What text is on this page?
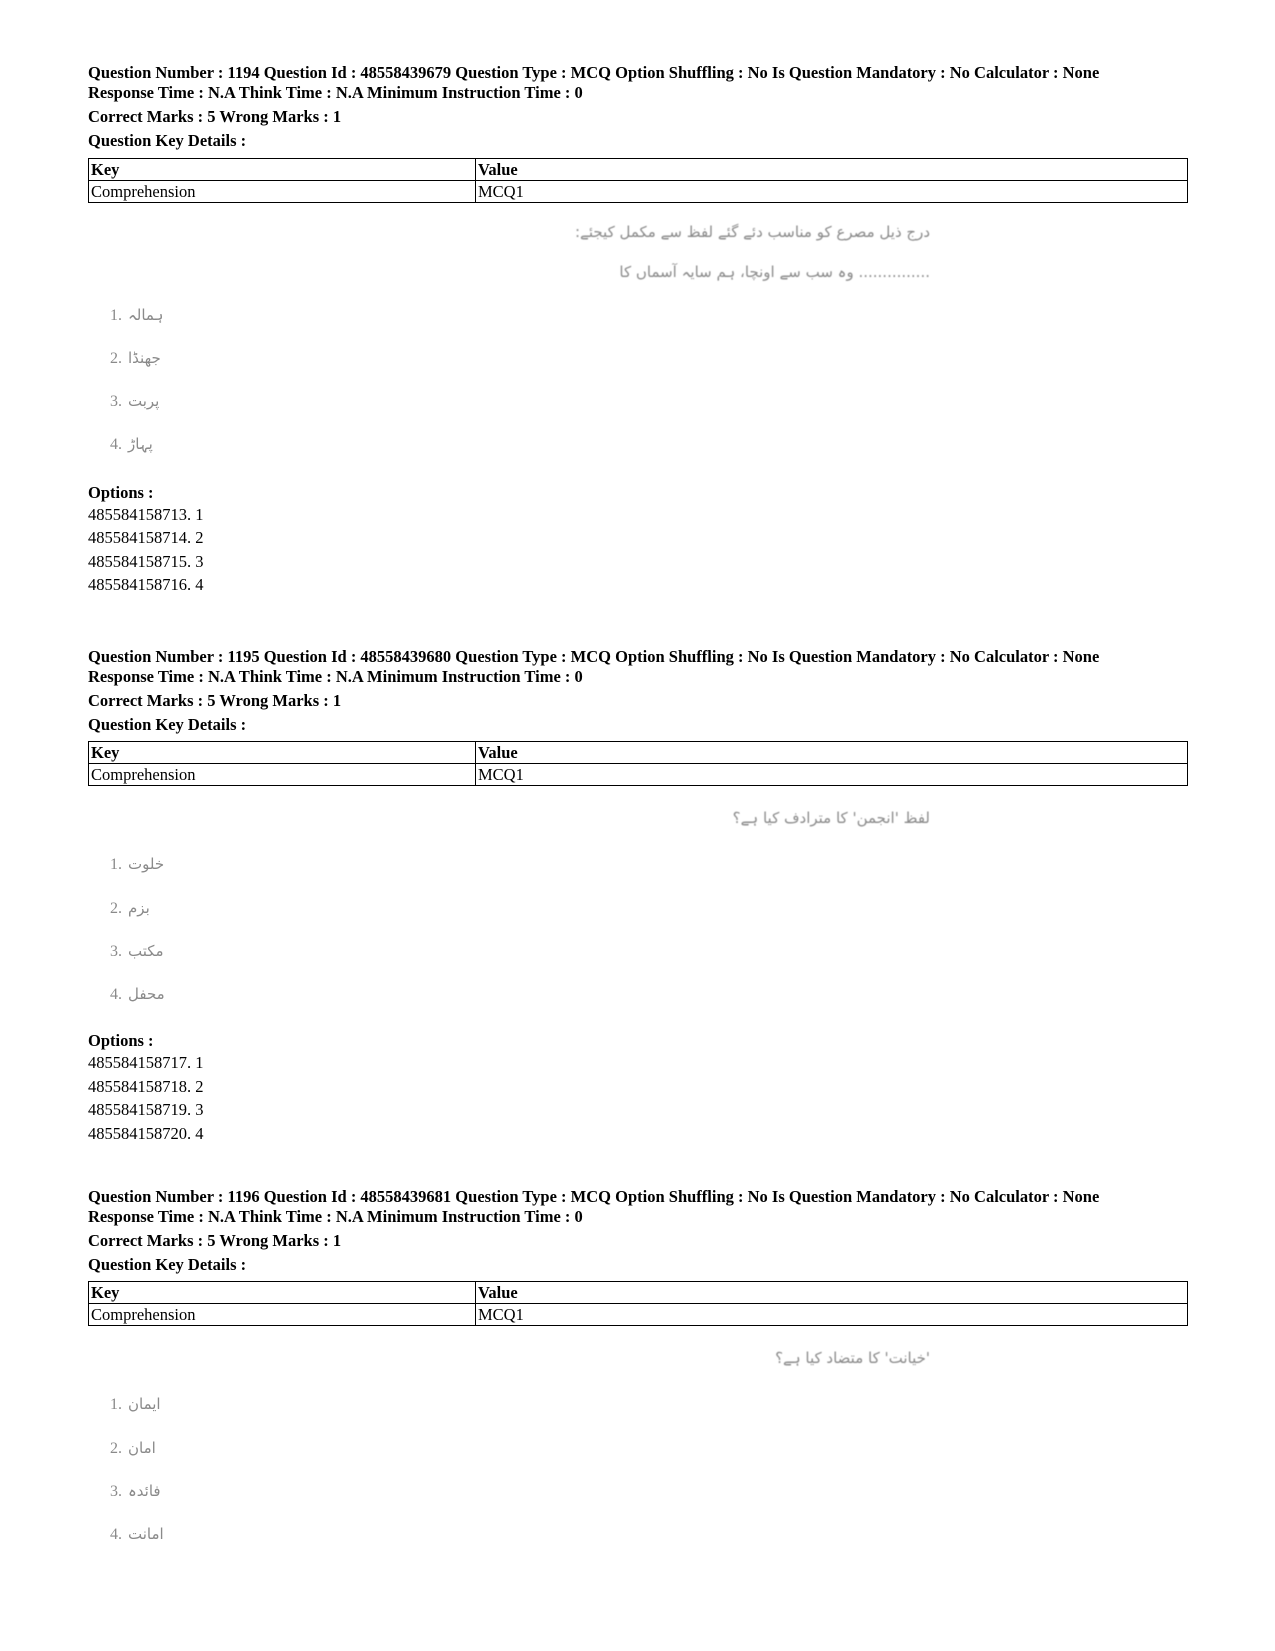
Question Number : 1194 Question Id : 48558439679 Question Type : MCQ Option Shuffling : No Is Question Mandatory : No Calculator : None

Response Time : N.A Think Time : N.A Minimum Instruction Time : 0

Correct Marks : 5 Wrong Marks : 1

Question Key Details :

Key	Value
Comprehension	MCQ1
درج ذیل مصرع کو مناسب دئے گئے لفظ سے مکمل کیجئے:
............... وہ سب سے اونچا، ہم سایہ آسماں کا
1. ہمالہ
2. جھنڈا
3. پربت
4. پہاڑ
Options :
485584158713. 1
485584158714. 2
485584158715. 3
485584158716. 4

Question Number : 1195 Question Id : 48558439680 Question Type : MCQ Option Shuffling : No Is Question Mandatory : No Calculator : None

Response Time : N.A Think Time : N.A Minimum Instruction Time : 0

Correct Marks : 5 Wrong Marks : 1

Question Key Details :

Key	Value
Comprehension	MCQ1
لفظ 'انجمن' کا مترادف کیا ہے؟
1. خلوت
2. بزم
3. مکتب
4. محفل
Options :
485584158717. 1
485584158718. 2
485584158719. 3
485584158720. 4

Question Number : 1196 Question Id : 48558439681 Question Type : MCQ Option Shuffling : No Is Question Mandatory : No Calculator : None

Response Time : N.A Think Time : N.A Minimum Instruction Time : 0

Correct Marks : 5 Wrong Marks : 1

Question Key Details :

Key	Value
Comprehension	MCQ1
'خیانت' کا متضاد کیا ہے؟
1. ایمان
2. امان
3. فائدہ
4. امانت
